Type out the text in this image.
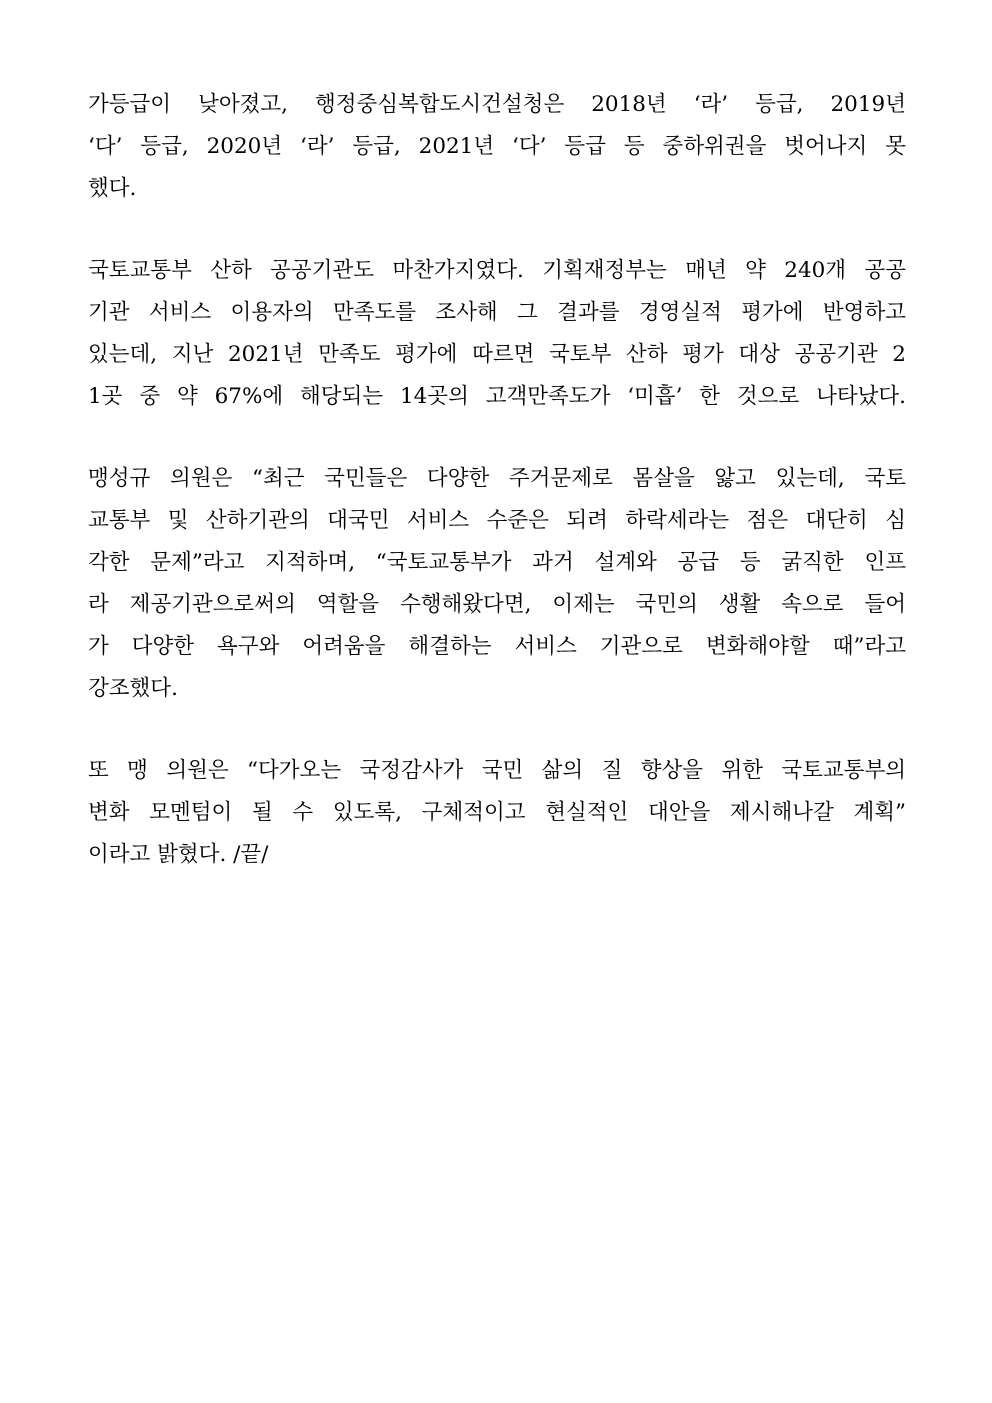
가등급이 낮아졌고, 행정중심복합도시건설청은 2018년 ‘라’ 등급, 2019년
‘다’ 등급, 2020년 ‘라’ 등급, 2021년 ‘다’ 등급 등 중하위권을 벗어나지 못
했다.
국토교통부 산하 공공기관도 마찬가지였다. 기획재정부는 매년 약 240개 공공
기관 서비스 이용자의 만족도를 조사해 그 결과를 경영실적 평가에 반영하고
있는데, 지난 2021년 만족도 평가에 따르면 국토부 산하 평가 대상 공공기관 2
1곳 중 약 67%에 해당되는 14곳의 고객만족도가 ‘미흡’ 한 것으로 나타났다.
맹성규 의원은 “최근 국민들은 다양한 주거문제로 몸살을 앓고 있는데, 국토
교통부 및 산하기관의 대국민 서비스 수준은 되려 하락세라는 점은 대단히 심
각한 문제”라고 지적하며, “국토교통부가 과거 설계와 공급 등 굵직한 인프
라 제공기관으로써의 역할을 수행해왔다면, 이제는 국민의 생활 속으로 들어
가 다양한 욕구와 어려움을 해결하는 서비스 기관으로 변화해야할 때”라고
강조했다.
또 맹 의원은 “다가오는 국정감사가 국민 삶의 질 향상을 위한 국토교통부의
변화 모멘텀이 될 수 있도록, 구체적이고 현실적인 대안을 제시해나갈 계획”
이라고 밝혔다. /끝/
